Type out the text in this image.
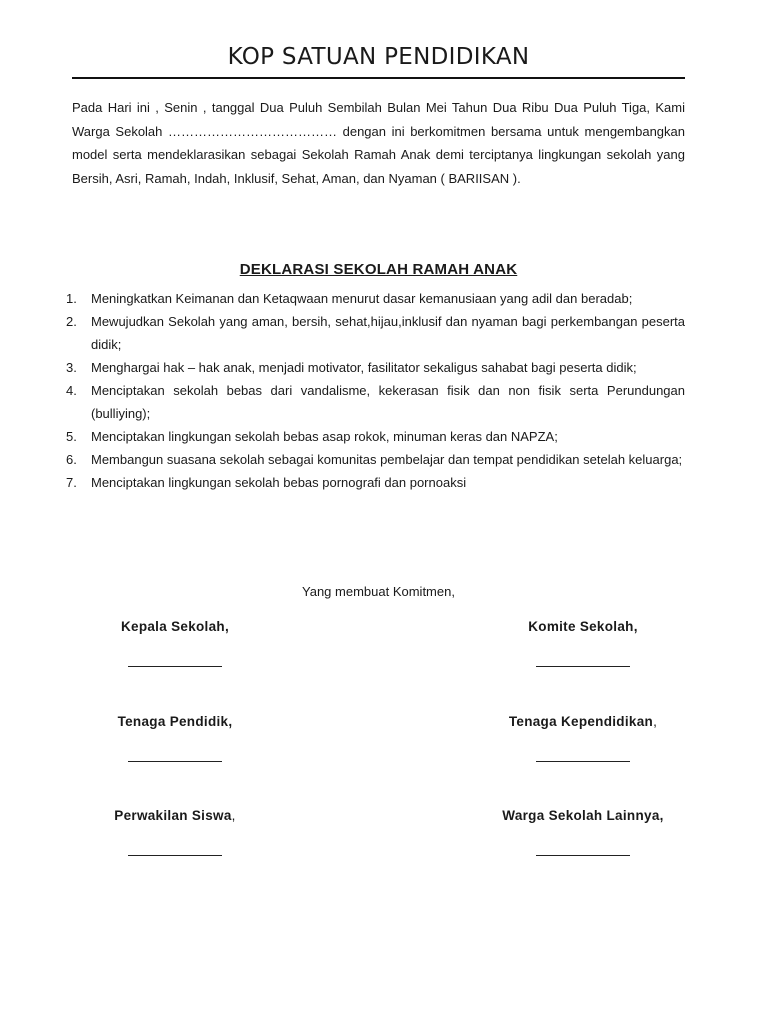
KOP SATUAN PENDIDIKAN

Pada Hari ini , Senin , tanggal Dua Puluh Sembilah Bulan Mei Tahun Dua Ribu Dua Puluh Tiga, Kami Warga Sekolah ………………………………… dengan ini berkomitmen bersama untuk mengembangkan model serta mendeklarasikan sebagai Sekolah Ramah Anak demi terciptanya lingkungan sekolah yang Bersih, Asri, Ramah, Indah, Inklusif, Sehat, Aman, dan Nyaman ( BARIISAN ).

DEKLARASI SEKOLAH RAMAH ANAK
1. Meningkatkan Keimanan dan Ketaqwaan menurut dasar kemanusiaan yang adil dan beradab;
2. Mewujudkan Sekolah yang aman, bersih, sehat,hijau,inklusif dan nyaman bagi perkembangan peserta didik;
3. Menghargai hak – hak anak, menjadi motivator, fasilitator sekaligus sahabat bagi peserta didik;
4. Menciptakan sekolah bebas dari vandalisme, kekerasan fisik dan non fisik serta Perundungan (bulliying);
5. Menciptakan lingkungan sekolah bebas asap rokok, minuman keras dan NAPZA;
6. Membangun suasana sekolah sebagai komunitas pembelajar dan tempat pendidikan setelah keluarga;
7. Menciptakan lingkungan sekolah bebas pornografi dan pornoaksi
Yang membuat Komitmen,
Kepala Sekolah,	Komite Sekolah,
Tenaga Pendidik,	Tenaga Kependidikan,
Perwakilan Siswa,	Warga Sekolah Lainnya,
